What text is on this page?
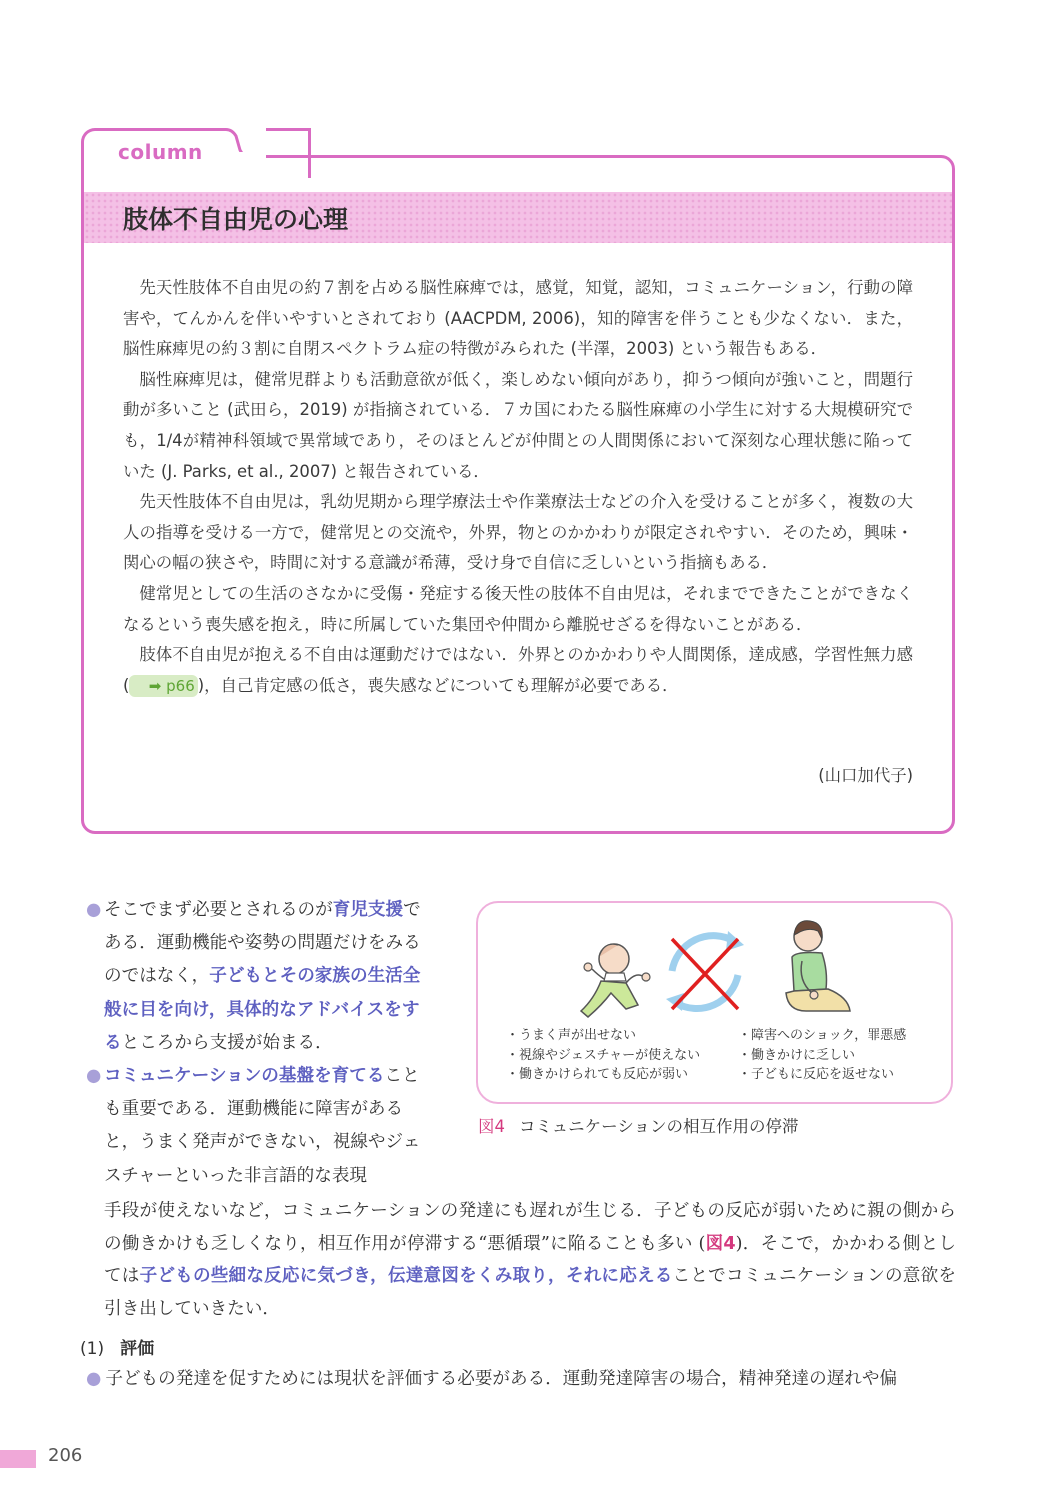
column
肢体不自由児の心理

先天性肢体不自由児の約７割を占める脳性麻痺では，感覚，知覚，認知，コミュニケーション，行動の障害や，てんかんを伴いやすいとされており (AACPDM, 2006)，知的障害を伴うことも少なくない．また，脳性麻痺児の約３割に自閉スペクトラム症の特徴がみられた (半澤，2003) という報告もある．

脳性麻痺児は，健常児群よりも活動意欲が低く，楽しめない傾向があり，抑うつ傾向が強いこと，問題行動が多いこと (武田ら，2019) が指摘されている．７カ国にわたる脳性麻痺の小学生に対する大規模研究でも，1/4が精神科領域で異常域であり，そのほとんどが仲間との人間関係において深刻な心理状態に陥っていた (J. Parks, et al., 2007) と報告されている．

先天性肢体不自由児は，乳幼児期から理学療法士や作業療法士などの介入を受けることが多く，複数の大人の指導を受ける一方で，健常児との交流や，外界，物とのかかわりが限定されやすい．そのため，興味・関心の幅の狭さや，時間に対する意識が希薄，受け身で自信に乏しいという指摘もある．

健常児としての生活のさなかに受傷・発症する後天性の肢体不自由児は，それまでできたことができなくなるという喪失感を抱え，時に所属していた集団や仲間から離脱せざるを得ないことがある．

肢体不自由児が抱える不自由は運動だけではない．外界とのかかわりや人間関係，達成感，学習性無力感 ( ➡ p66 )，自己肯定感の低さ，喪失感などについても理解が必要である．

(山口加代子)

● そこでまず必要とされるのが育児支援である．運動機能や姿勢の問題だけをみるのではなく，子どもとその家族の生活全般に目を向け，具体的なアドバイスをするところから支援が始まる．

● コミュニケーションの基盤を育てることも重要である．運動機能に障害があると，うまく発声ができない，視線やジェスチャーといった非言語的な表現

手段が使えないなど，コミュニケーションの発達にも遅れが生じる．子どもの反応が弱いために親の側からの働きかけも乏しくなり，相互作用が停滞する“悪循環”に陥ることも多い (図4)．そこで，かかわる側としては子どもの些細な反応に気づき，伝達意図をくみ取り，それに応えることでコミュニケーションの意欲を引き出していきたい．

(1) 評価

● 子どもの発達を促すためには現状を評価する必要がある．運動発達障害の場合，精神発達の遅れや偏

・ うまく声が出せない
・ 視線やジェスチャーが使えない
・ 働きかけられても反応が弱い
・ 障害へのショック，罪悪感
・ 働きかけに乏しい
・ 子どもに反応を返せない
図4 コミュニケーションの相互作用の停滞
206
